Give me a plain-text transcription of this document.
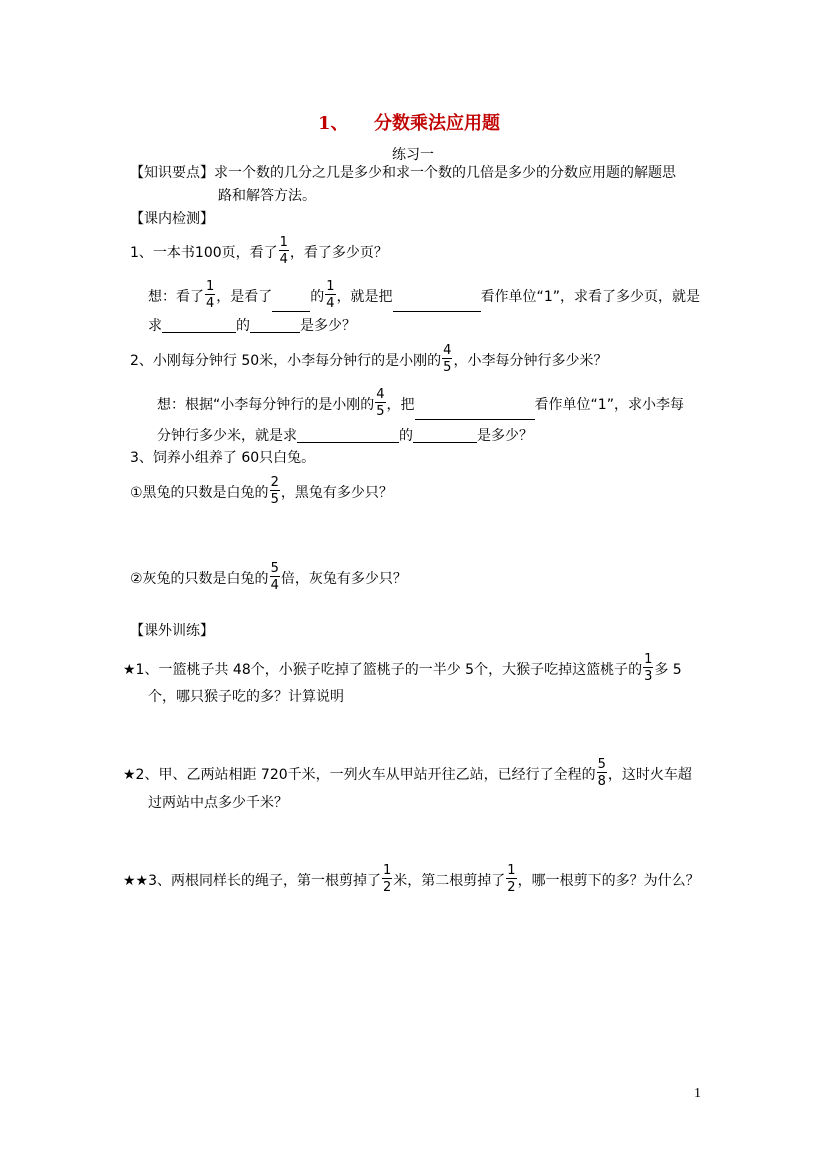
1、 分数乘法应用题
练习一
【知识要点】求一个数的几分之几是多少和求一个数的几倍是多少的分数应用题的解题思
路和解答方法。
【课内检测】
1、一本书100页，看了 $\frac{1}{4}$ ，看了多少页？
想：看了 $\frac{1}{4}$ ，是看了	的 $\frac{1}{4}$ ，就是把	看作单位“1”，求看了多少页，就是
求	的	是多少？
2、小刚每分钟行 50米，小李每分钟行的是小刚的 $\frac{4}{5}$ ，小李每分钟行多少米？
想：根据“小李每分钟行的是小刚的 $\frac{4}{5}$ ，把	看作单位“1”，求小李每
分钟行多少米，就是求	的	是多少？
3、饲养小组养了 60只白兔。
①黑兔的只数是白兔的 $\frac{2}{5}$ ，黑兔有多少只？
②灰兔的只数是白兔的 $\frac{5}{4}$ 倍，灰兔有多少只？
【课外训练】
★1、一篮桃子共 48个，小猴子吃掉了篮桃子的一半少 5个，大猴子吃掉这篮桃子的 $\frac{1}{3}$ 多 5
个，哪只猴子吃的多？计算说明
★2、甲、乙两站相距 720千米，一列火车从甲站开往乙站，已经行了全程的 $\frac{5}{8}$ ，这时火车超
过两站中点多少千米？
★★3、两根同样长的绳子，第一根剪掉了 $\frac{1}{2}$ 米，第二根剪掉了 $\frac{1}{2}$ ，哪一根剪下的多？为什么？
1
